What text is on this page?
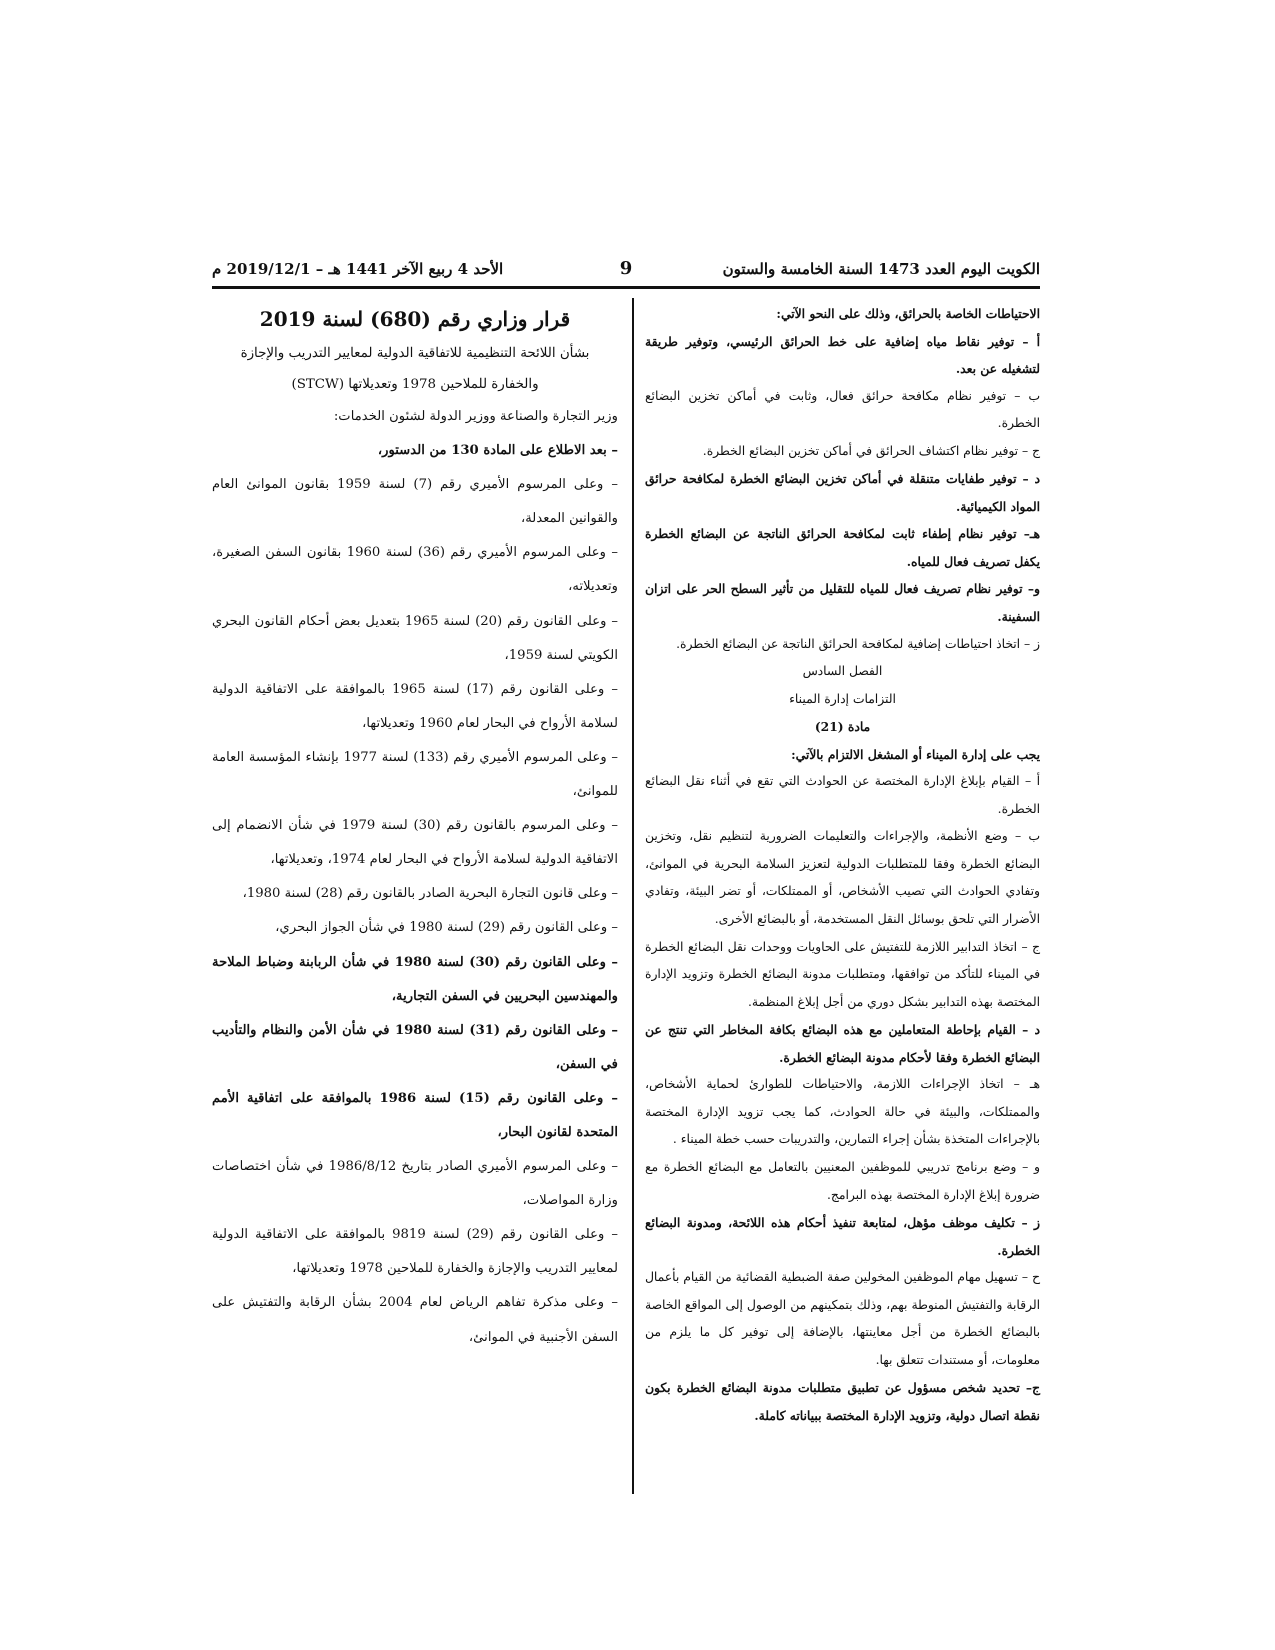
الكويت اليوم العدد 1473 السنة الخامسة والستون
9
الأحد 4 ربيع الآخر 1441 هـ – 2019/12/1 م

الاحتياطات الخاصة بالحرائق، وذلك على النحو الآتي:

أ – توفير نقاط مياه إضافية على خط الحرائق الرئيسي، وتوفير طريقة لتشغيله عن بعد.

ب – توفير نظام مكافحة حرائق فعال، وثابت في أماكن تخزين البضائع الخطرة.

ج – توفير نظام اكتشاف الحرائق في أماكن تخزين البضائع الخطرة.

د – توفير طفايات متنقلة في أماكن تخزين البضائع الخطرة لمكافحة حرائق المواد الكيميائية.

هـ– توفير نظام إطفاء ثابت لمكافحة الحرائق الناتجة عن البضائع الخطرة يكفل تصريف فعال للمياه.

و– توفير نظام تصريف فعال للمياه للتقليل من تأثير السطح الحر على اتزان السفينة.

ز – اتخاذ احتياطات إضافية لمكافحة الحرائق الناتجة عن البضائع الخطرة.

الفصل السادس

التزامات إدارة الميناء

مادة (21)

يجب على إدارة الميناء أو المشغل الالتزام بالآتي:

أ – القيام بإبلاغ الإدارة المختصة عن الحوادث التي تقع في أثناء نقل البضائع الخطرة.

ب – وضع الأنظمة، والإجراءات والتعليمات الضرورية لتنظيم نقل، وتخزين البضائع الخطرة وفقا للمتطلبات الدولية لتعزيز السلامة البحرية في الموانئ، وتفادي الحوادث التي تصيب الأشخاص، أو الممتلكات، أو تضر البيئة، وتفادي الأضرار التي تلحق بوسائل النقل المستخدمة، أو بالبضائع الأخرى.

ج – اتخاذ التدابير اللازمة للتفتيش على الحاويات ووحدات نقل البضائع الخطرة في الميناء للتأكد من توافقها، ومتطلبات مدونة البضائع الخطرة وتزويد الإدارة المختصة بهذه التدابير بشكل دوري من أجل إبلاغ المنظمة.

د – القيام بإحاطة المتعاملين مع هذه البضائع بكافة المخاطر التي تنتج عن البضائع الخطرة وفقا لأحكام مدونة البضائع الخطرة.

هـ – اتخاذ الإجراءات اللازمة، والاحتياطات للطوارئ لحماية الأشخاص، والممتلكات، والبيئة في حالة الحوادث، كما يجب تزويد الإدارة المختصة بالإجراءات المتخذة بشأن إجراء التمارين، والتدريبات حسب خطة الميناء .

و – وضع برنامج تدريبي للموظفين المعنيين بالتعامل مع البضائع الخطرة مع ضرورة إبلاغ الإدارة المختصة بهذه البرامج.

ز – تكليف موظف مؤهل، لمتابعة تنفيذ أحكام هذه اللائحة، ومدونة البضائع الخطرة.

ح – تسهيل مهام الموظفين المخولين صفة الضبطية القضائية من القيام بأعمال الرقابة والتفتيش المنوطة بهم، وذلك بتمكينهم من الوصول إلى المواقع الخاصة بالبضائع الخطرة من أجل معاينتها، بالإضافة إلى توفير كل ما يلزم من معلومات، أو مستندات تتعلق بها.

ج– تحديد شخص مسؤول عن تطبيق متطلبات مدونة البضائع الخطرة بكون نقطة اتصال دولية، وتزويد الإدارة المختصة ببياناته كاملة.

قرار وزاري رقم (680) لسنة 2019

بشأن اللائحة التنظيمية للاتفاقية الدولية لمعايير التدريب والإجازة

والخفارة للملاحين 1978 وتعديلاتها (STCW)

وزير التجارة والصناعة ووزير الدولة لشئون الخدمات:

– بعد الاطلاع على المادة 130 من الدستور،

– وعلى المرسوم الأميري رقم (7) لسنة 1959 بقانون الموانئ العام والقوانين المعدلة،

– وعلى المرسوم الأميري رقم (36) لسنة 1960 بقانون السفن الصغيرة، وتعديلاته،

– وعلى القانون رقم (20) لسنة 1965 بتعديل بعض أحكام القانون البحري الكويتي لسنة 1959،

– وعلى القانون رقم (17) لسنة 1965 بالموافقة على الاتفاقية الدولية لسلامة الأرواح في البحار لعام 1960 وتعديلاتها،

– وعلى المرسوم الأميري رقم (133) لسنة 1977 بإنشاء المؤسسة العامة للموانئ،

– وعلى المرسوم بالقانون رقم (30) لسنة 1979 في شأن الانضمام إلى الاتفاقية الدولية لسلامة الأرواح في البحار لعام 1974، وتعديلاتها،

– وعلى قانون التجارة البحرية الصادر بالقانون رقم (28) لسنة 1980،

– وعلى القانون رقم (29) لسنة 1980 في شأن الجواز البحري،

– وعلى القانون رقم (30) لسنة 1980 في شأن الربابنة وضباط الملاحة والمهندسين البحريين في السفن التجارية،

– وعلى القانون رقم (31) لسنة 1980 في شأن الأمن والنظام والتأديب في السفن،

– وعلى القانون رقم (15) لسنة 1986 بالموافقة على اتفاقية الأمم المتحدة لقانون البحار،

– وعلى المرسوم الأميري الصادر بتاريخ 1986/8/12 في شأن اختصاصات وزارة المواصلات،

– وعلى القانون رقم (29) لسنة 9819 بالموافقة على الاتفاقية الدولية لمعايير التدريب والإجازة والخفارة للملاحين 1978 وتعديلاتها،

– وعلى مذكرة تفاهم الرياض لعام 2004 بشأن الرقابة والتفتيش على السفن الأجنبية في الموانئ،
